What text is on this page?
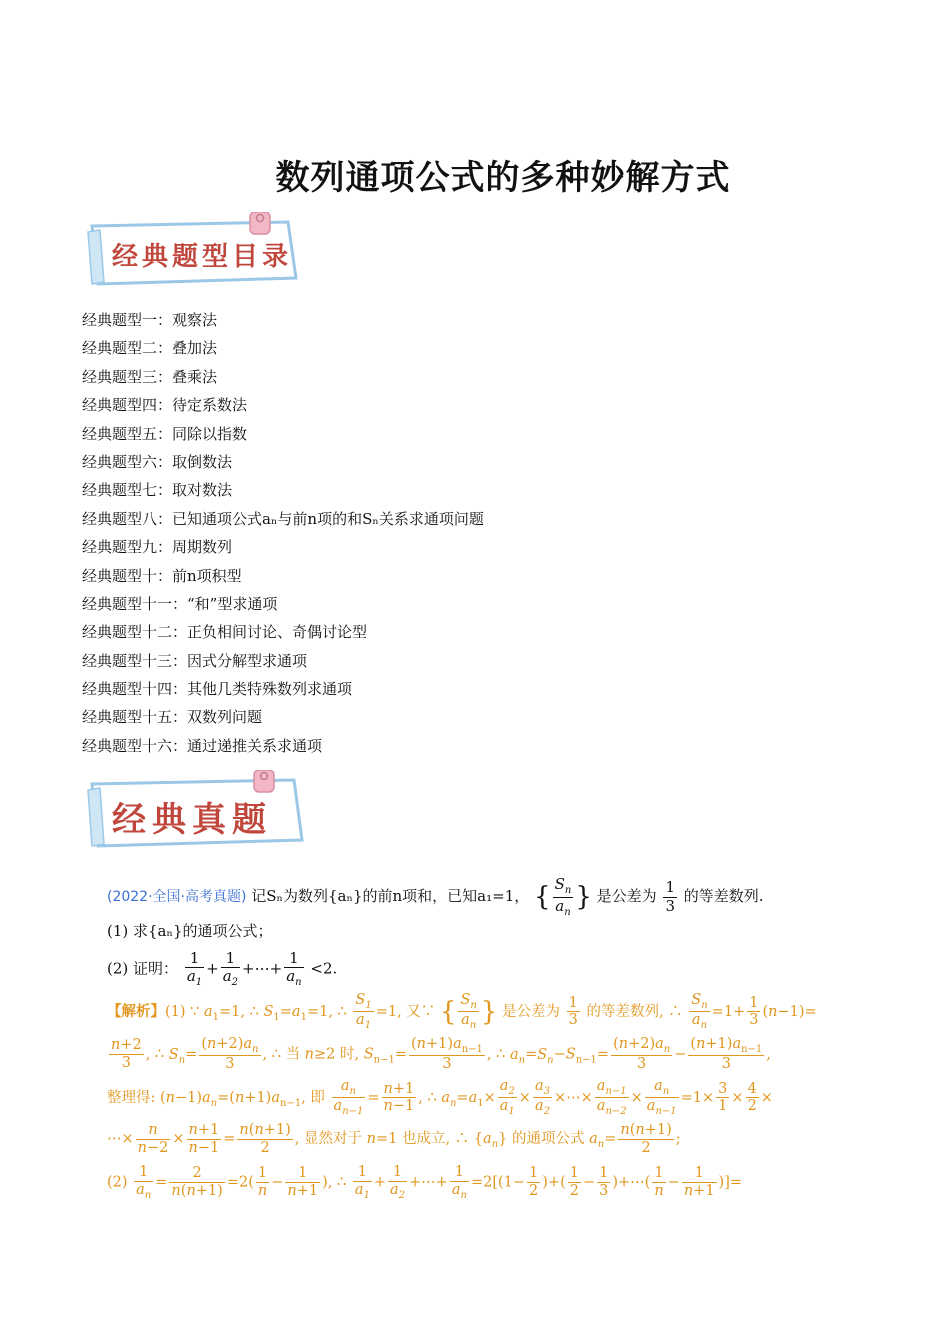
数列通项公式的多种妙解方式
经典题型目录
经典题型一：观察法
经典题型二：叠加法
经典题型三：叠乘法
经典题型四：待定系数法
经典题型五：同除以指数
经典题型六：取倒数法
经典题型七：取对数法
经典题型八：已知通项公式aₙ与前n项的和Sₙ关系求通项问题
经典题型九：周期数列
经典题型十：前n项积型
经典题型十一：“和”型求通项
经典题型十二：正负相间讨论、奇偶讨论型
经典题型十三：因式分解型求通项
经典题型十四：其他几类特殊数列求通项
经典题型十五：双数列问题
经典题型十六：通过递推关系求通项
经典真题
(2022·全国·高考真题) 记Sₙ为数列{aₙ}的前n项和，已知a₁=1， { $\frac{S_n}{a_n}$ } 是公差为 $\frac{1}{3}$ 的等差数列.
(1) 求{aₙ}的通项公式；
(2) 证明： $\frac{1}{a_1} + \frac{1}{a_2}$ +⋯+ $\frac{1}{a_n} <2$.
【解析】(1) ∵ $a_1=1$, ∴ $S_1=a_1=1$, ∴ $\frac{S_1}{a_1} =1$, 又∵ { $\frac{S_n}{a_n}$ } 是公差为 $\frac{1}{3}$ 的等差数列, ∴ $\frac{S_n}{a_n} =1+ \frac{1}{3} (n-1)=$
$\frac{n+2}{3}$ , ∴ $S_n= \frac{(n+2)a_n}{3}$ , ∴ 当 n≥2 时, $S_{n-1}= \frac{(n+1)a_{n-1}}{3}$ , ∴ $a_n=S_n-S_{n-1}= \frac{(n+2)a_n}{3} - \frac{(n+1)a_{n-1}}{3}$ ,
整理得: $(n-1)a_n=(n+1)a_{n-1}$, 即 $\frac{a_n}{a_{n-1}} = \frac{n+1}{n-1}$ , ∴ $a_n=a_1\times \frac{a_2}{a_1} \times \frac{a_3}{a_2}$ ×⋯× $\frac{a_{n-1}}{a_{n-2}} \times \frac{a_n}{a_{n-1}} =1\times \frac{3}{1} \times \frac{4}{2}$ ×
⋯× $\frac{n}{n-2} \times \frac{n+1}{n-1} = \frac{n(n+1)}{2}$ , 显然对于 n=1 也成立, ∴ $\{a_n\}$ 的通项公式 $a_n= \frac{n(n+1)}{2}$ ;
$(2) \frac{1}{a_n} = \frac{2}{n(n+1)} =2( \frac{1}{n} - \frac{1}{n+1}$ ), ∴ $\frac{1}{a_1} + \frac{1}{a_2}$ +⋯+ $\frac{1}{a_n} =2[(1- \frac{1}{2}$ )+( $\frac{1}{2} - \frac{1}{3}$ )+⋯( $\frac{1}{n} - \frac{1}{n+1}$ )]=
